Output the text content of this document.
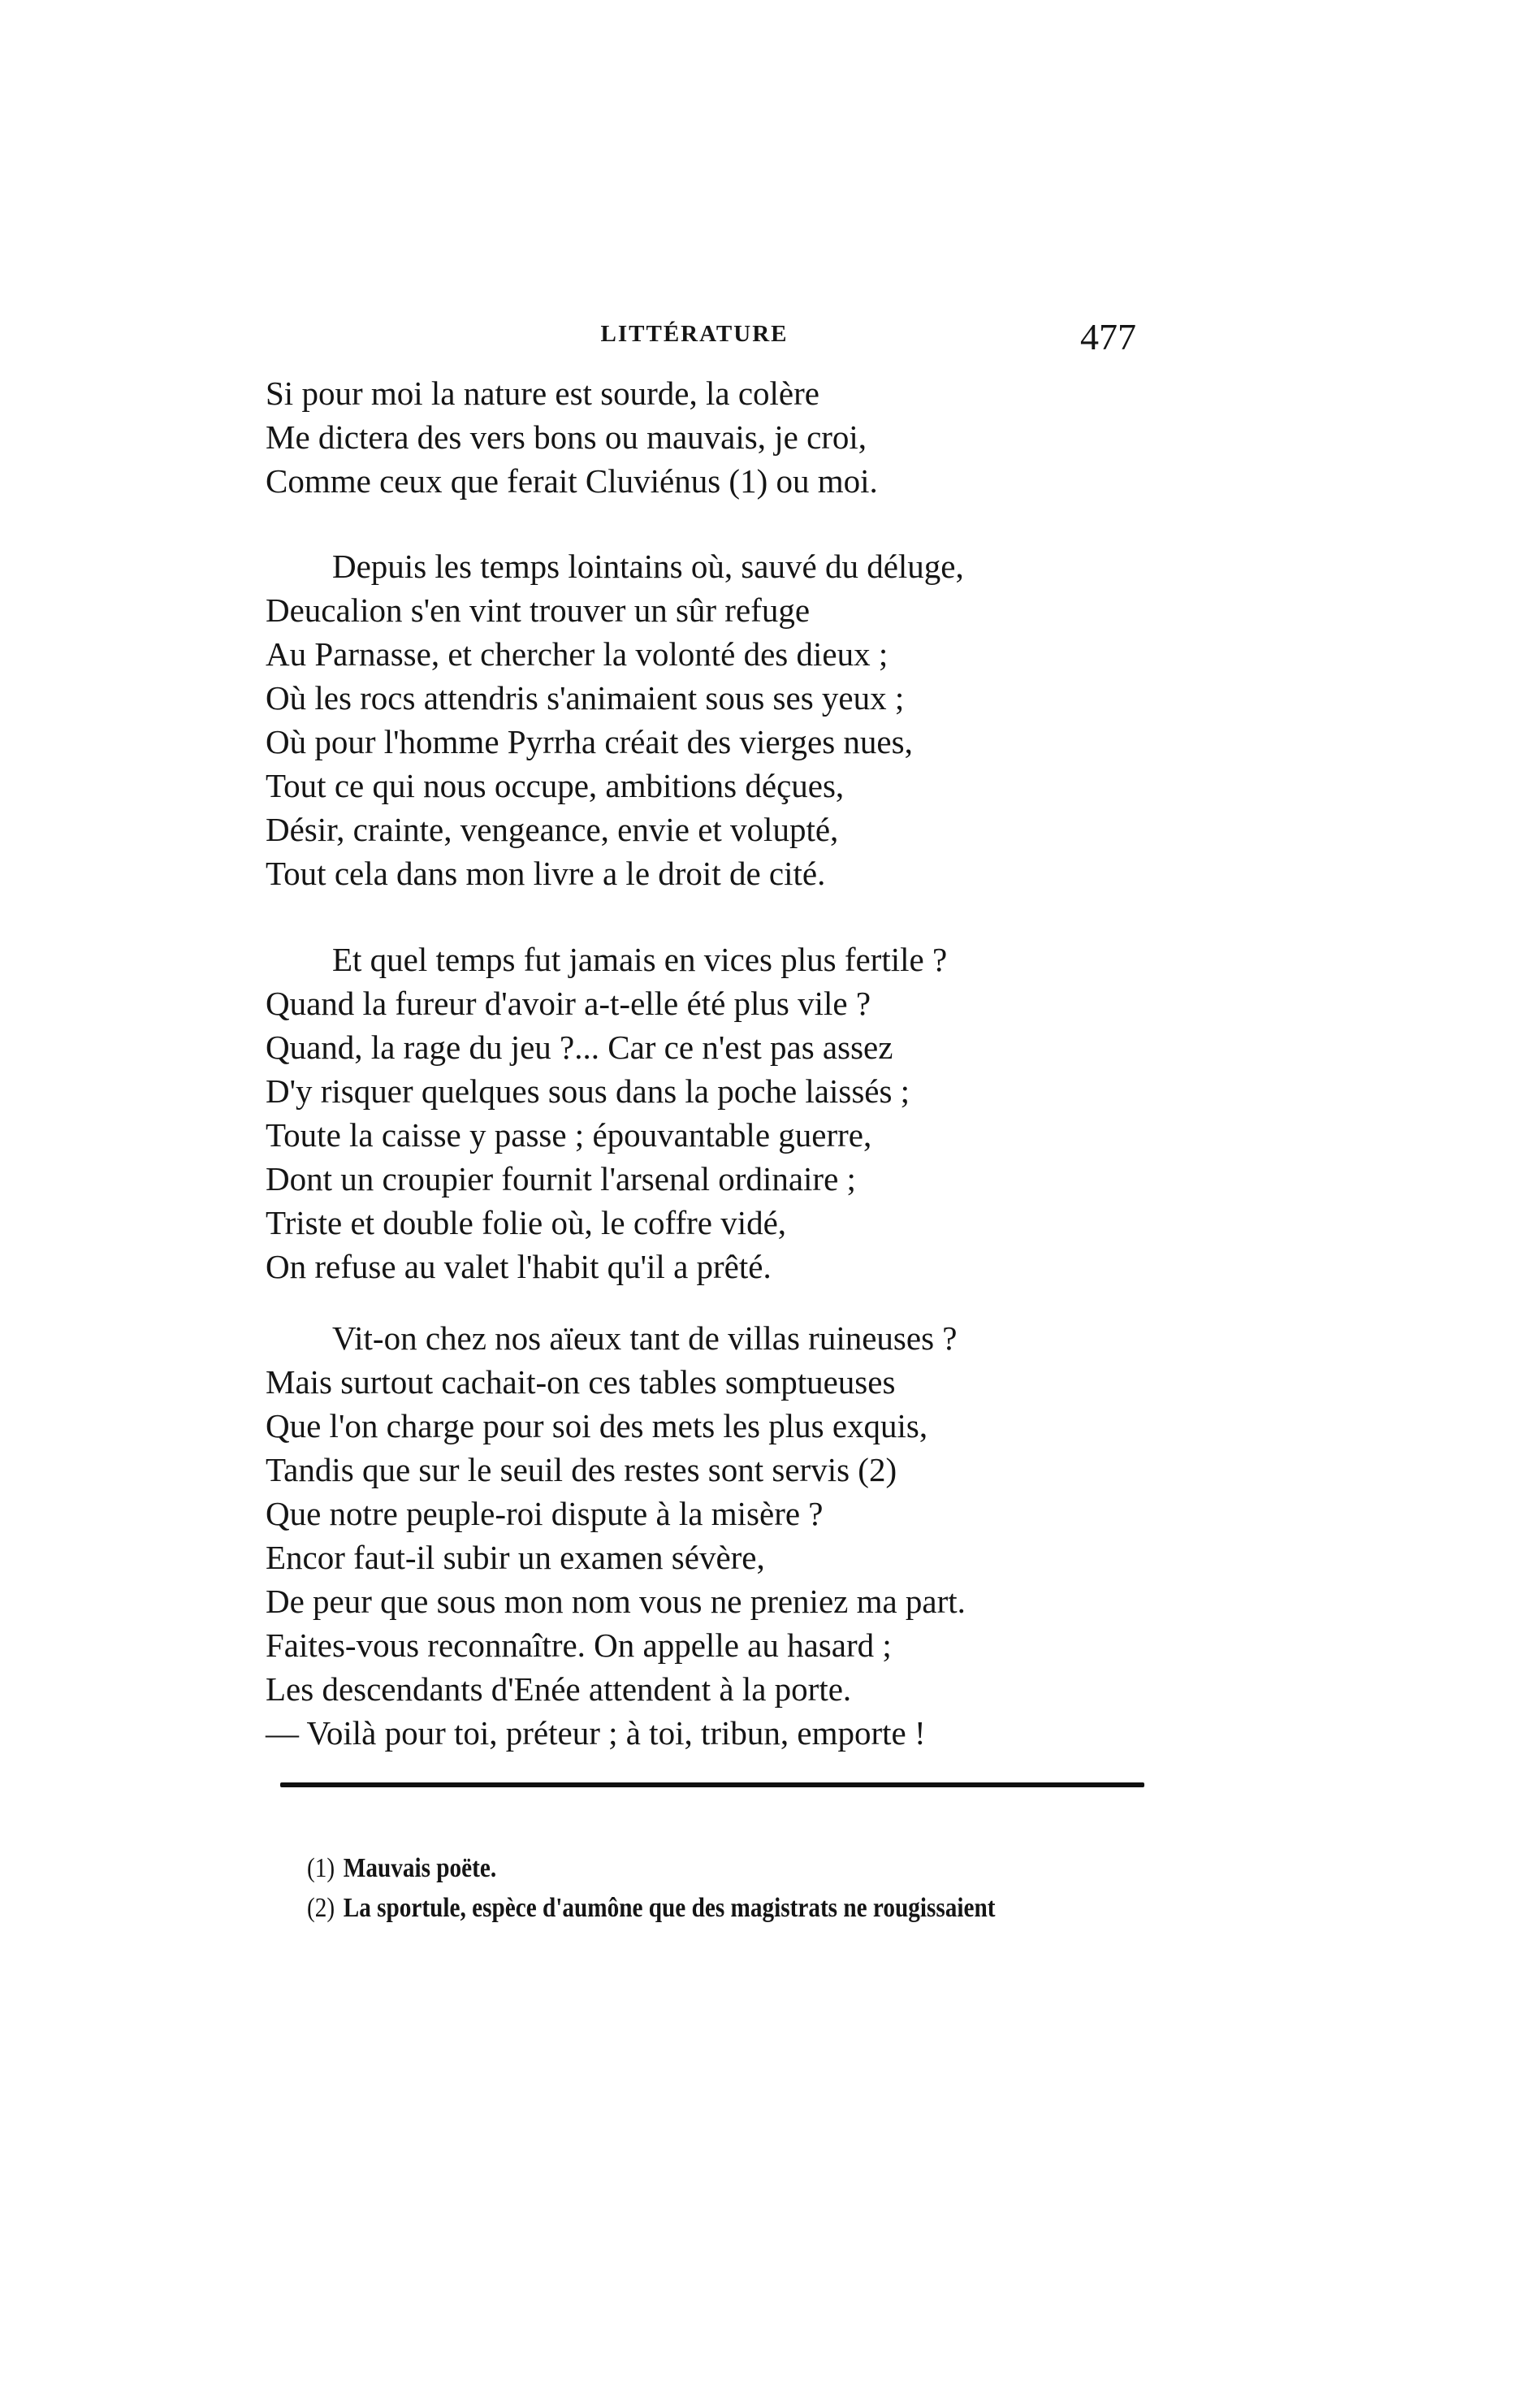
LITTÉRATURE	477
Si pour moi la nature est sourde, la colère
Me dictera des vers bons ou mauvais, je croi,
Comme ceux que ferait Cluviénus (1) ou moi.
Depuis les temps lointains où, sauvé du déluge,
Deucalion s'en vint trouver un sûr refuge
Au Parnasse, et chercher la volonté des dieux ;
Où les rocs attendris s'animaient sous ses yeux ;
Où pour l'homme Pyrrha créait des vierges nues,
Tout ce qui nous occupe, ambitions déçues,
Désir, crainte, vengeance, envie et volupté,
Tout cela dans mon livre a le droit de cité.
Et quel temps fut jamais en vices plus fertile ?
Quand la fureur d'avoir a-t-elle été plus vile ?
Quand, la rage du jeu ?... Car ce n'est pas assez
D'y risquer quelques sous dans la poche laissés ;
Toute la caisse y passe ; épouvantable guerre,
Dont un croupier fournit l'arsenal ordinaire ;
Triste et double folie où, le coffre vidé,
On refuse au valet l'habit qu'il a prêté.
Vit-on chez nos aïeux tant de villas ruineuses ?
Mais surtout cachait-on ces tables somptueuses
Que l'on charge pour soi des mets les plus exquis,
Tandis que sur le seuil des restes sont servis (2)
Que notre peuple-roi dispute à la misère ?
Encor faut-il subir un examen sévère,
De peur que sous mon nom vous ne preniez ma part.
Faites-vous reconnaître. On appelle au hasard ;
Les descendants d'Enée attendent à la porte.
— Voilà pour toi, préteur ; à toi, tribun, emporte !
(1) Mauvais poëte.
(2) La sportule, espèce d'aumône que des magistrats ne rougissaient
